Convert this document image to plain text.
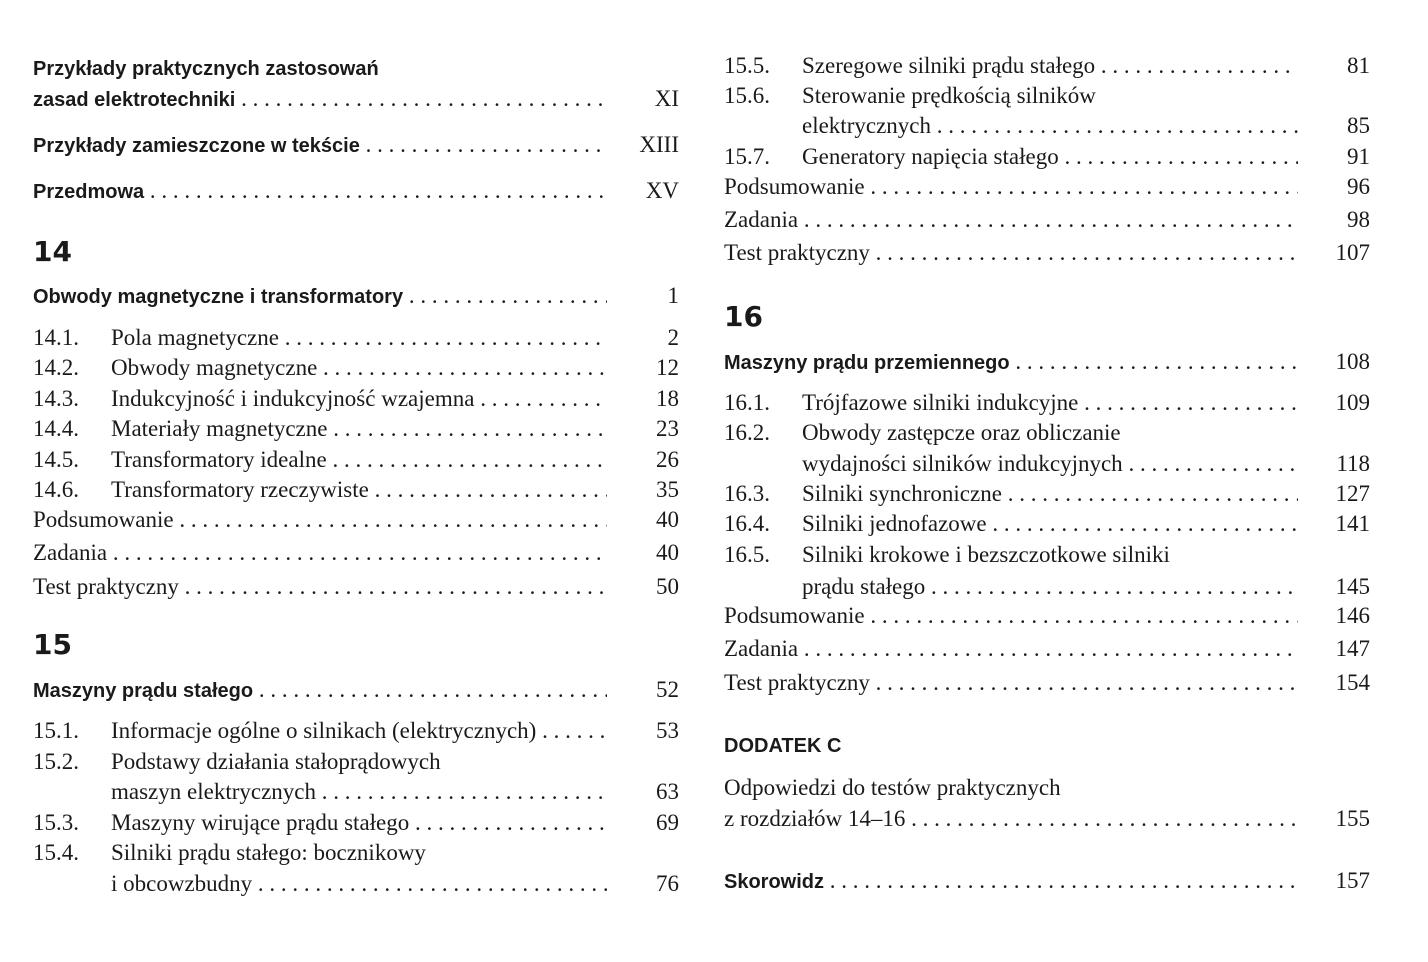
Przykłady praktycznych zastosowań
zasad elektrotechniki . . .	XI
Przykłady zamieszczone w tekście . . .	XIII
Przedmowa . . .	XV
14
Obwody magnetyczne i transformatory . . .	1
14.1. Pola magnetyczne . . .	2
14.2. Obwody magnetyczne . . .	12
14.3. Indukcyjność i indukcyjność wzajemna . . .	18
14.4. Materiały magnetyczne . . .	23
14.5. Transformatory idealne . . .	26
14.6. Transformatory rzeczywiste . . .	35
Podsumowanie . . .	40
Zadania . . .	40
Test praktyczny . . .	50
15
Maszyny prądu stałego . . .	52
15.1. Informacje ogólne o silnikach (elektrycznych) . . .	53
15.2. Podstawy działania stałoprądowych
maszyn elektrycznych . . .	63
15.3. Maszyny wirujące prądu stałego . . .	69
15.4. Silniki prądu stałego: bocznikowy
i obcowzbudny . . .	76
15.5. Szeregowe silniki prądu stałego . . .	81
15.6. Sterowanie prędkością silników
elektrycznych . . .	85
15.7. Generatory napięcia stałego . . .	91
Podsumowanie . . .	96
Zadania . . .	98
Test praktyczny . . .	107
16
Maszyny prądu przemiennego . . .	108
16.1. Trójfazowe silniki indukcyjne . . .	109
16.2. Obwody zastępcze oraz obliczanie
wydajności silników indukcyjnych . . .	118
16.3. Silniki synchroniczne . . .	127
16.4. Silniki jednofazowe . . .	141
16.5. Silniki krokowe i bezszczotkowe silniki
prądu stałego . . .	145
Podsumowanie . . .	146
Zadania . . .	147
Test praktyczny . . .	154
DODATEK C
Odpowiedzi do testów praktycznych
z rozdziałów 14–16 . . .	155
Skorowidz . . .	157
